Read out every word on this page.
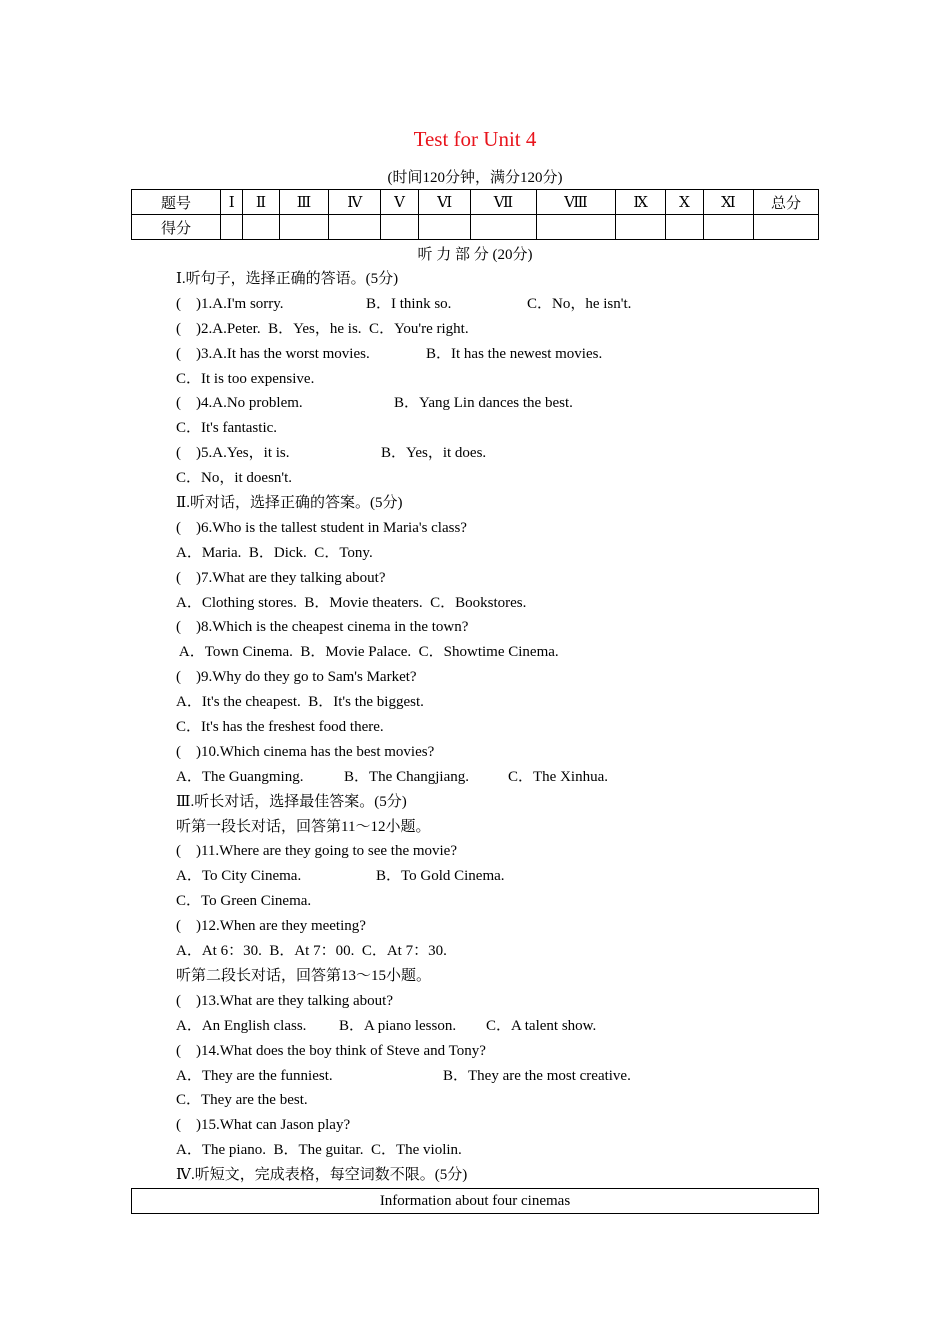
Test for Unit 4
(时间120分钟，满分120分)
题号	Ⅰ	Ⅱ	Ⅲ	Ⅳ	Ⅴ	Ⅵ	Ⅶ	Ⅷ	Ⅸ	Ⅹ	Ⅺ	总分
得分												
听 力 部 分 (20分)
Ⅰ.听句子，选择正确的答语。(5分)
(　)1.A.I'm sorry.	B．I think so.	C．No，he isn't.
(　)2.A.Peter.  B．Yes，he is.  C．You're right.
(　)3.A.It has the worst movies.	B．It has the newest movies.
C．It is too expensive.
(　)4.A.No problem.	B．Yang Lin dances the best.
C．It's fantastic.
(　)5.A.Yes，it is.	B．Yes，it does.
C．No，it doesn't.
Ⅱ.听对话，选择正确的答案。(5分)
(　)6.Who is the tallest student in Maria's class?
A．Maria.  B．Dick.  C．Tony.
(　)7.What are they talking about?
A．Clothing stores.  B．Movie theaters.  C．Bookstores.
(　)8.Which is the cheapest cinema in the town?
A．Town Cinema.  B．Movie Palace.  C．Showtime Cinema.
(　)9.Why do they go to Sam's Market?
A．It's the cheapest.  B．It's the biggest.
C．It's has the freshest food there.
(　)10.Which cinema has the best movies?
A．The Guangming.	B．The Changjiang.	C．The Xinhua.
Ⅲ.听长对话，选择最佳答案。(5分)
听第一段长对话，回答第11～12小题。
(　)11.Where are they going to see the movie?
A．To City Cinema.	B．To Gold Cinema.
C．To Green Cinema.
(　)12.When are they meeting?
A．At 6：30.  B．At 7：00.  C．At 7：30.
听第二段长对话，回答第13～15小题。
(　)13.What are they talking about?
A．An English class. B．A piano lesson. C．A talent show.
(　)14.What does the boy think of Steve and Tony?
A．They are the funniest.	B．They are the most creative.
C．They are the best.
(　)15.What can Jason play?
A．The piano.  B．The guitar.  C．The violin.
Ⅳ.听短文，完成表格，每空词数不限。(5分)
Information about four cinemas
